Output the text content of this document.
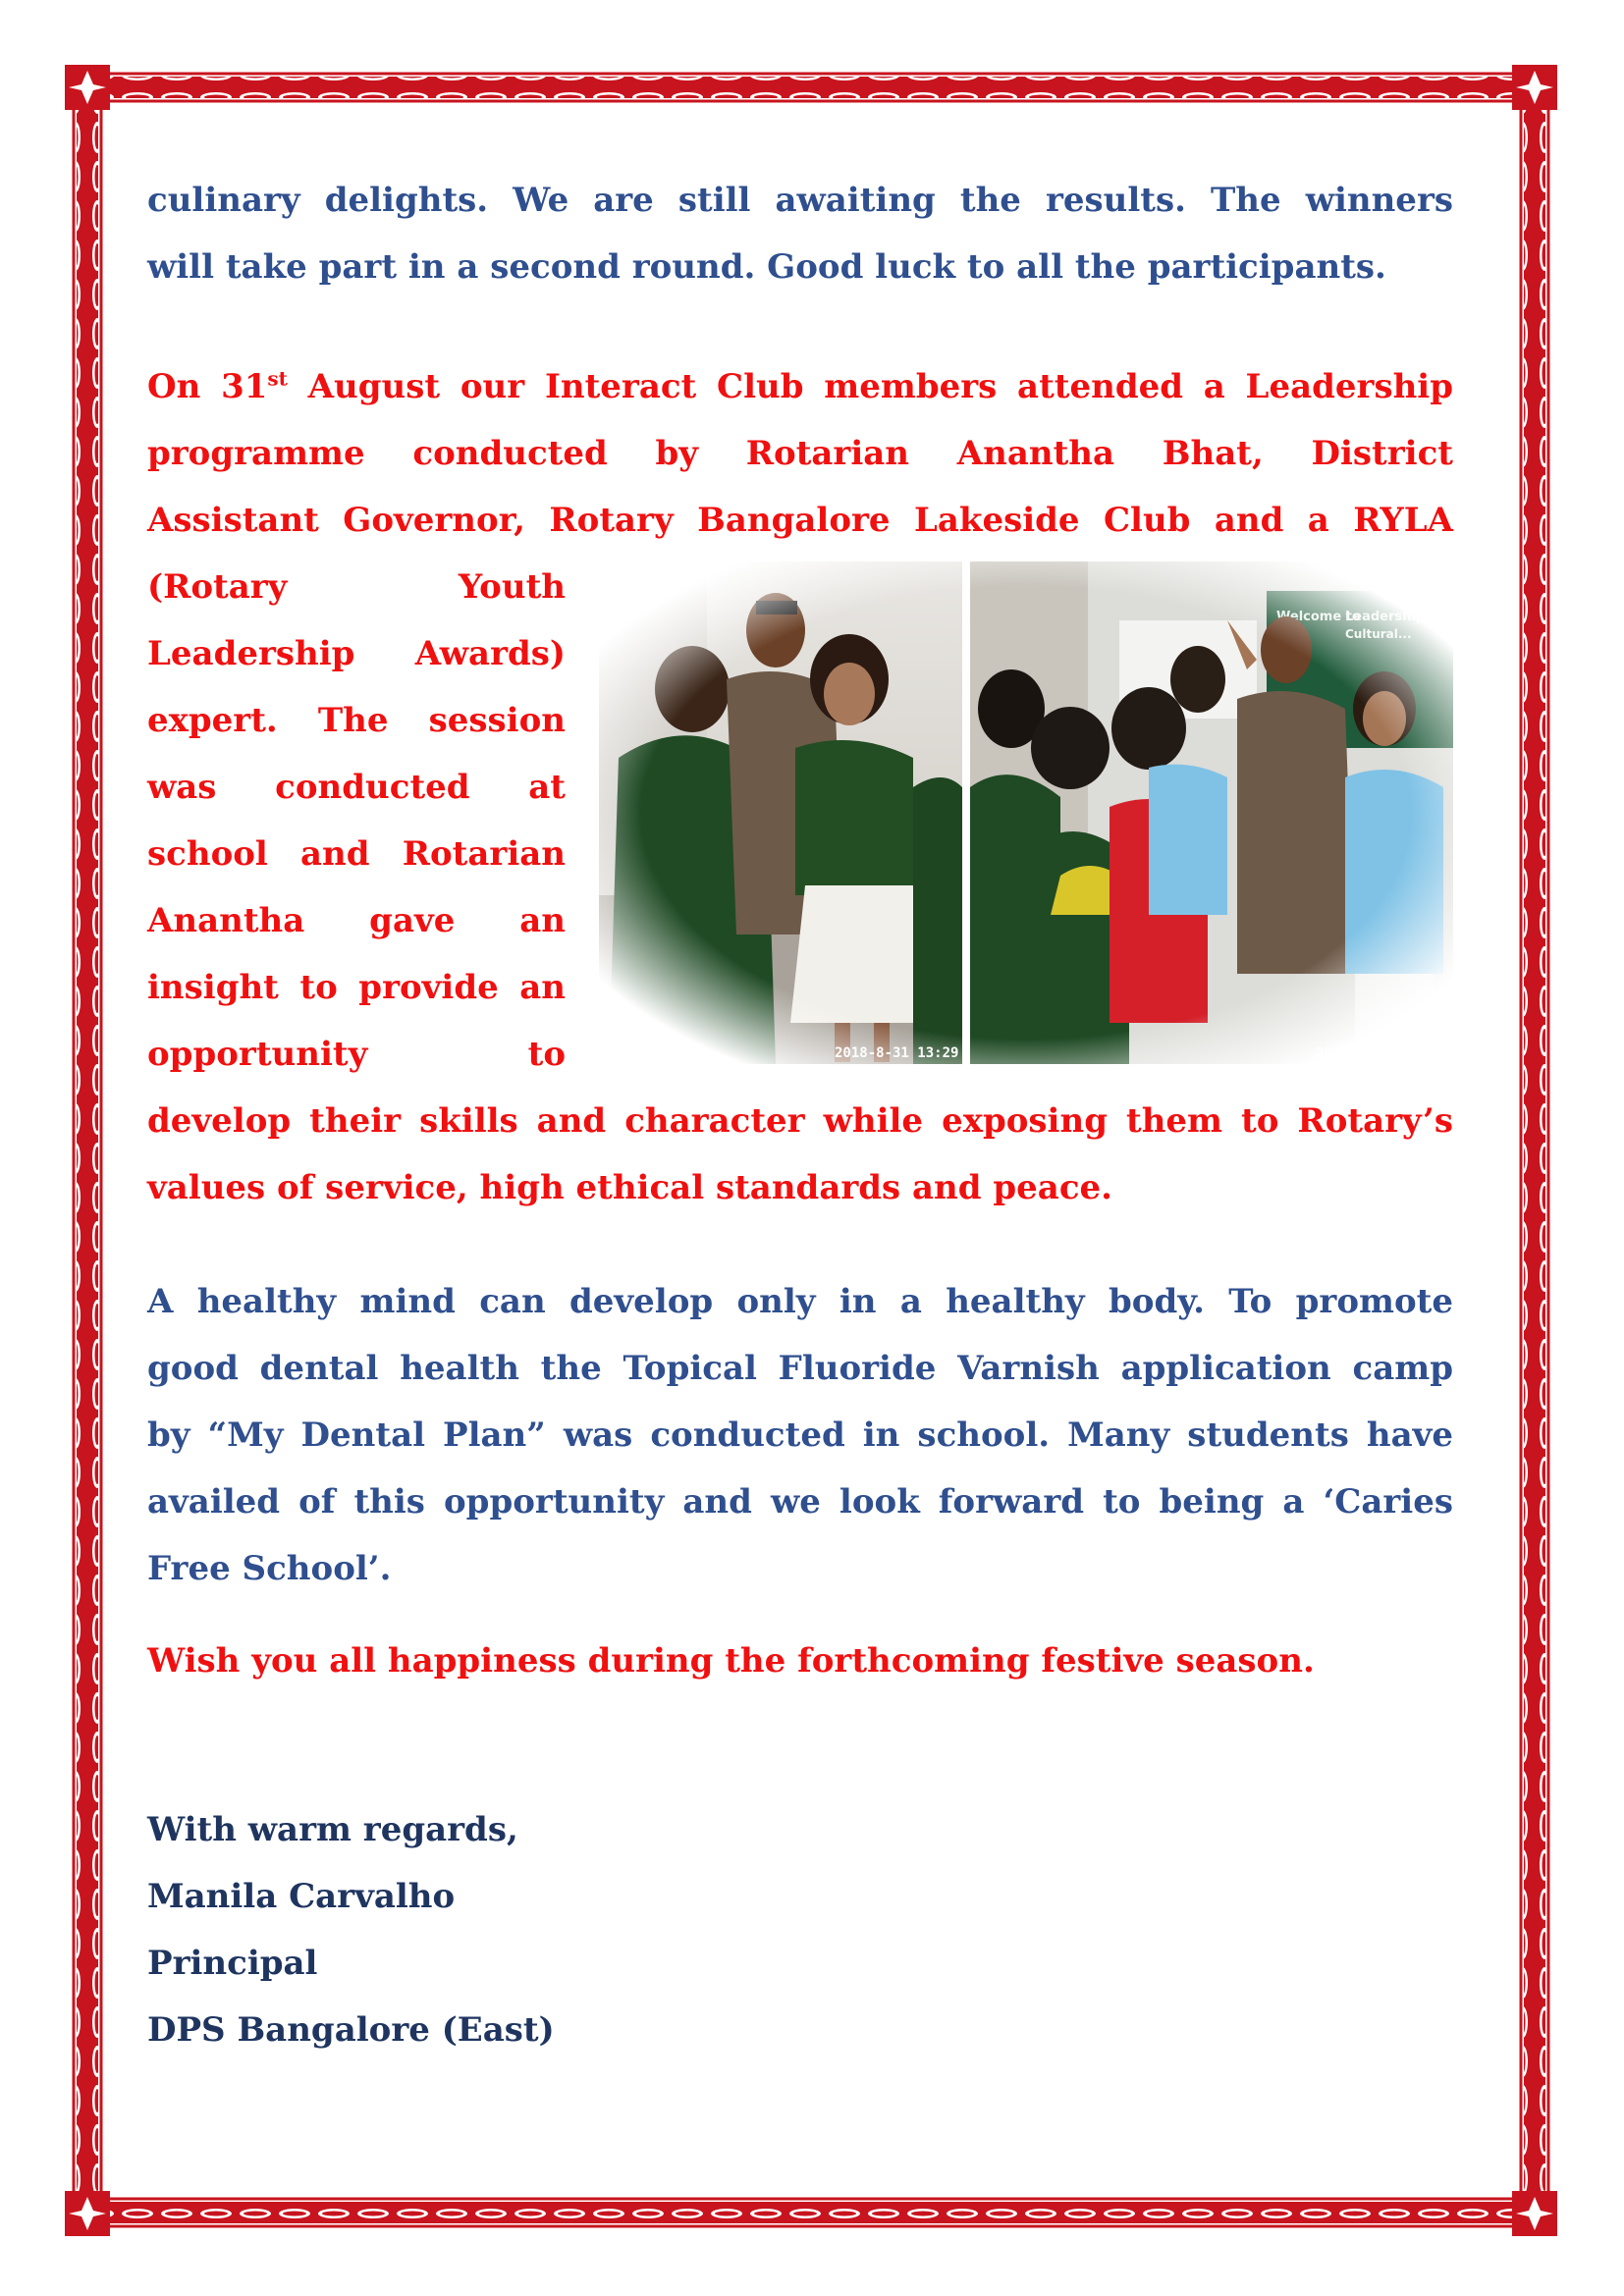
culinary delights. We are still awaiting the results. The winners
will take part in a second round. Good luck to all the participants.
On 31st August our Interact Club members attended a Leadership
programme conducted by Rotarian Anantha Bhat, District
Assistant Governor, Rotary Bangalore Lakeside Club and a RYLA
(Rotary Youth
Leadership Awards)
expert. The session
was conducted at
school and Rotarian
Anantha gave an
insight to provide an
opportunity to
develop their skills and character while exposing them to Rotary’s
values of service, high ethical standards and peace.
A healthy mind can develop only in a healthy body. To promote
good dental health the Topical Fluoride Varnish application camp
by “My Dental Plan” was conducted in school. Many students have
availed of this opportunity and we look forward to being a ‘Caries
Free School’.
Wish you all happiness during the forthcoming festive season.
With warm regards,
Manila Carvalho
Principal
DPS Bangalore (East)
